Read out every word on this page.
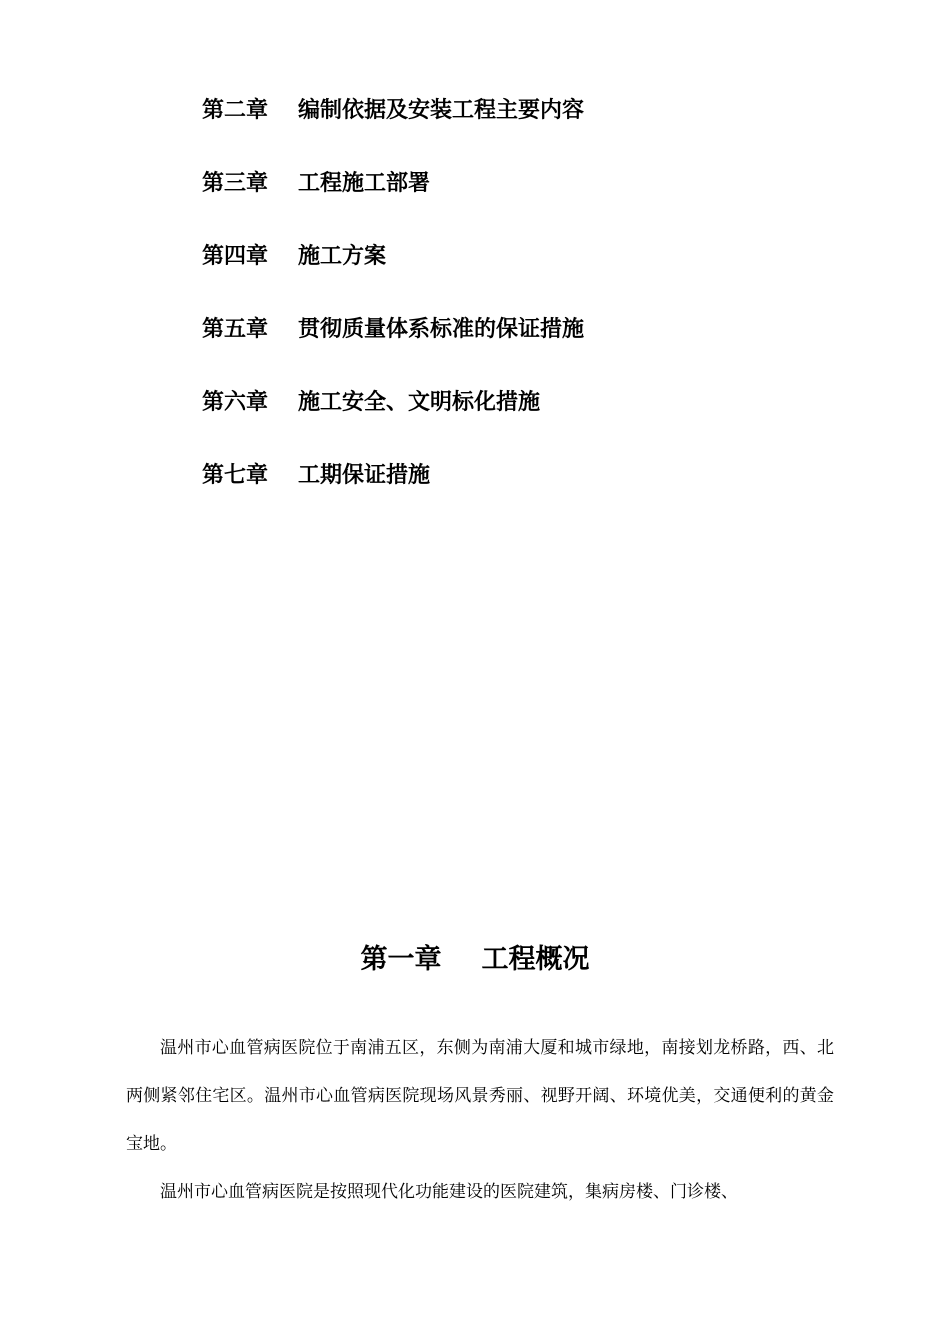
第二章	编制依据及安装工程主要内容
第三章	工程施工部署
第四章	施工方案
第五章	贯彻质量体系标准的保证措施
第六章	施工安全、文明标化措施
第七章	工期保证措施
第一章 工程概况

温州市心血管病医院位于南浦五区，东侧为南浦大厦和城市绿地，南接划龙桥路，西、北两侧紧邻住宅区。温州市心血管病医院现场风景秀丽、视野开阔、环境优美，交通便利的黄金宝地。

温州市心血管病医院是按照现代化功能建设的医院建筑，集病房楼、门诊楼、
